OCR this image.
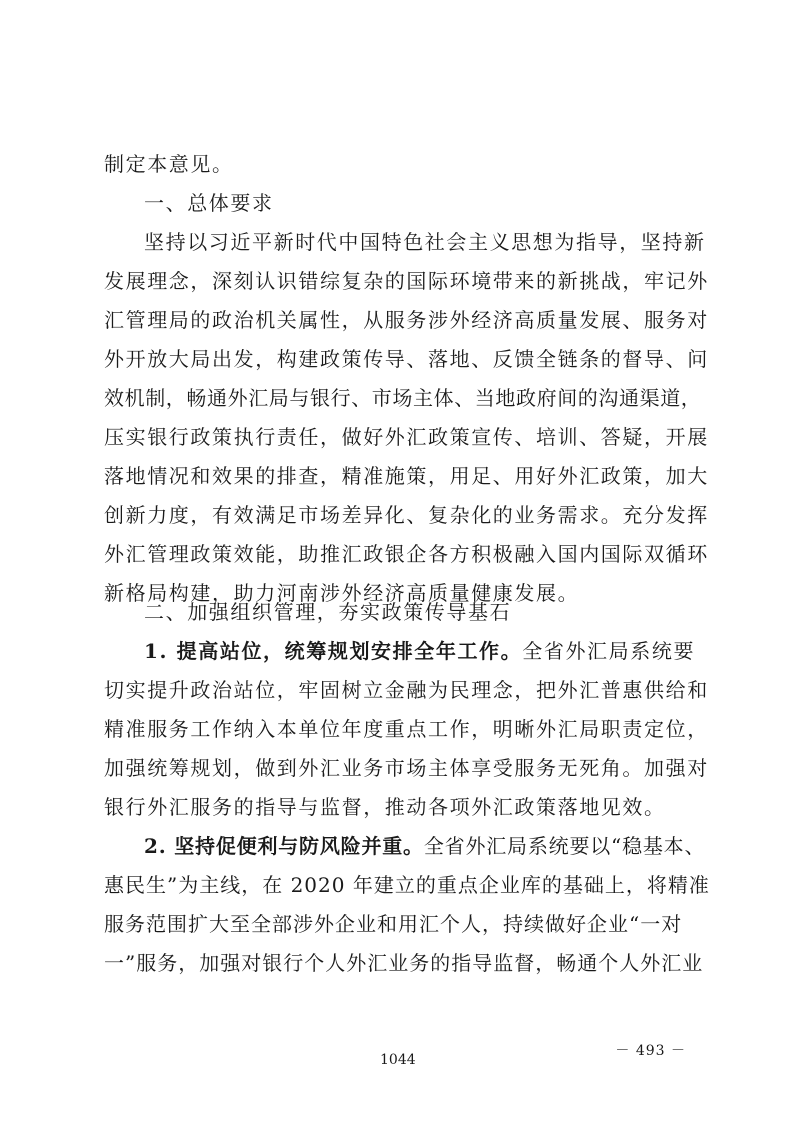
制定本意见。
一、总体要求
坚持以习近平新时代中国特色社会主义思想为指导，坚持新
发展理念，深刻认识错综复杂的国际环境带来的新挑战，牢记外
汇管理局的政治机关属性，从服务涉外经济高质量发展、服务对
外开放大局出发，构建政策传导、落地、反馈全链条的督导、问
效机制，畅通外汇局与银行、市场主体、当地政府间的沟通渠道，
压实银行政策执行责任，做好外汇政策宣传、培训、答疑，开展
落地情况和效果的排查，精准施策，用足、用好外汇政策，加大
创新力度，有效满足市场差异化、复杂化的业务需求。充分发挥
外汇管理政策效能，助推汇政银企各方积极融入国内国际双循环
新格局构建，助力河南涉外经济高质量健康发展。
二、加强组织管理，夯实政策传导基石
1. 提高站位，统筹规划安排全年工作。全省外汇局系统要
切实提升政治站位，牢固树立金融为民理念，把外汇普惠供给和
精准服务工作纳入本单位年度重点工作，明晰外汇局职责定位，
加强统筹规划，做到外汇业务市场主体享受服务无死角。加强对
银行外汇服务的指导与监督，推动各项外汇政策落地见效。
2. 坚持促便利与防风险并重。全省外汇局系统要以“稳基本、
惠民生”为主线，在 2020 年建立的重点企业库的基础上，将精准
服务范围扩大至全部涉外企业和用汇个人，持续做好企业“一对
一”服务，加强对银行个人外汇业务的指导监督，畅通个人外汇业
－ 493 －
1044
